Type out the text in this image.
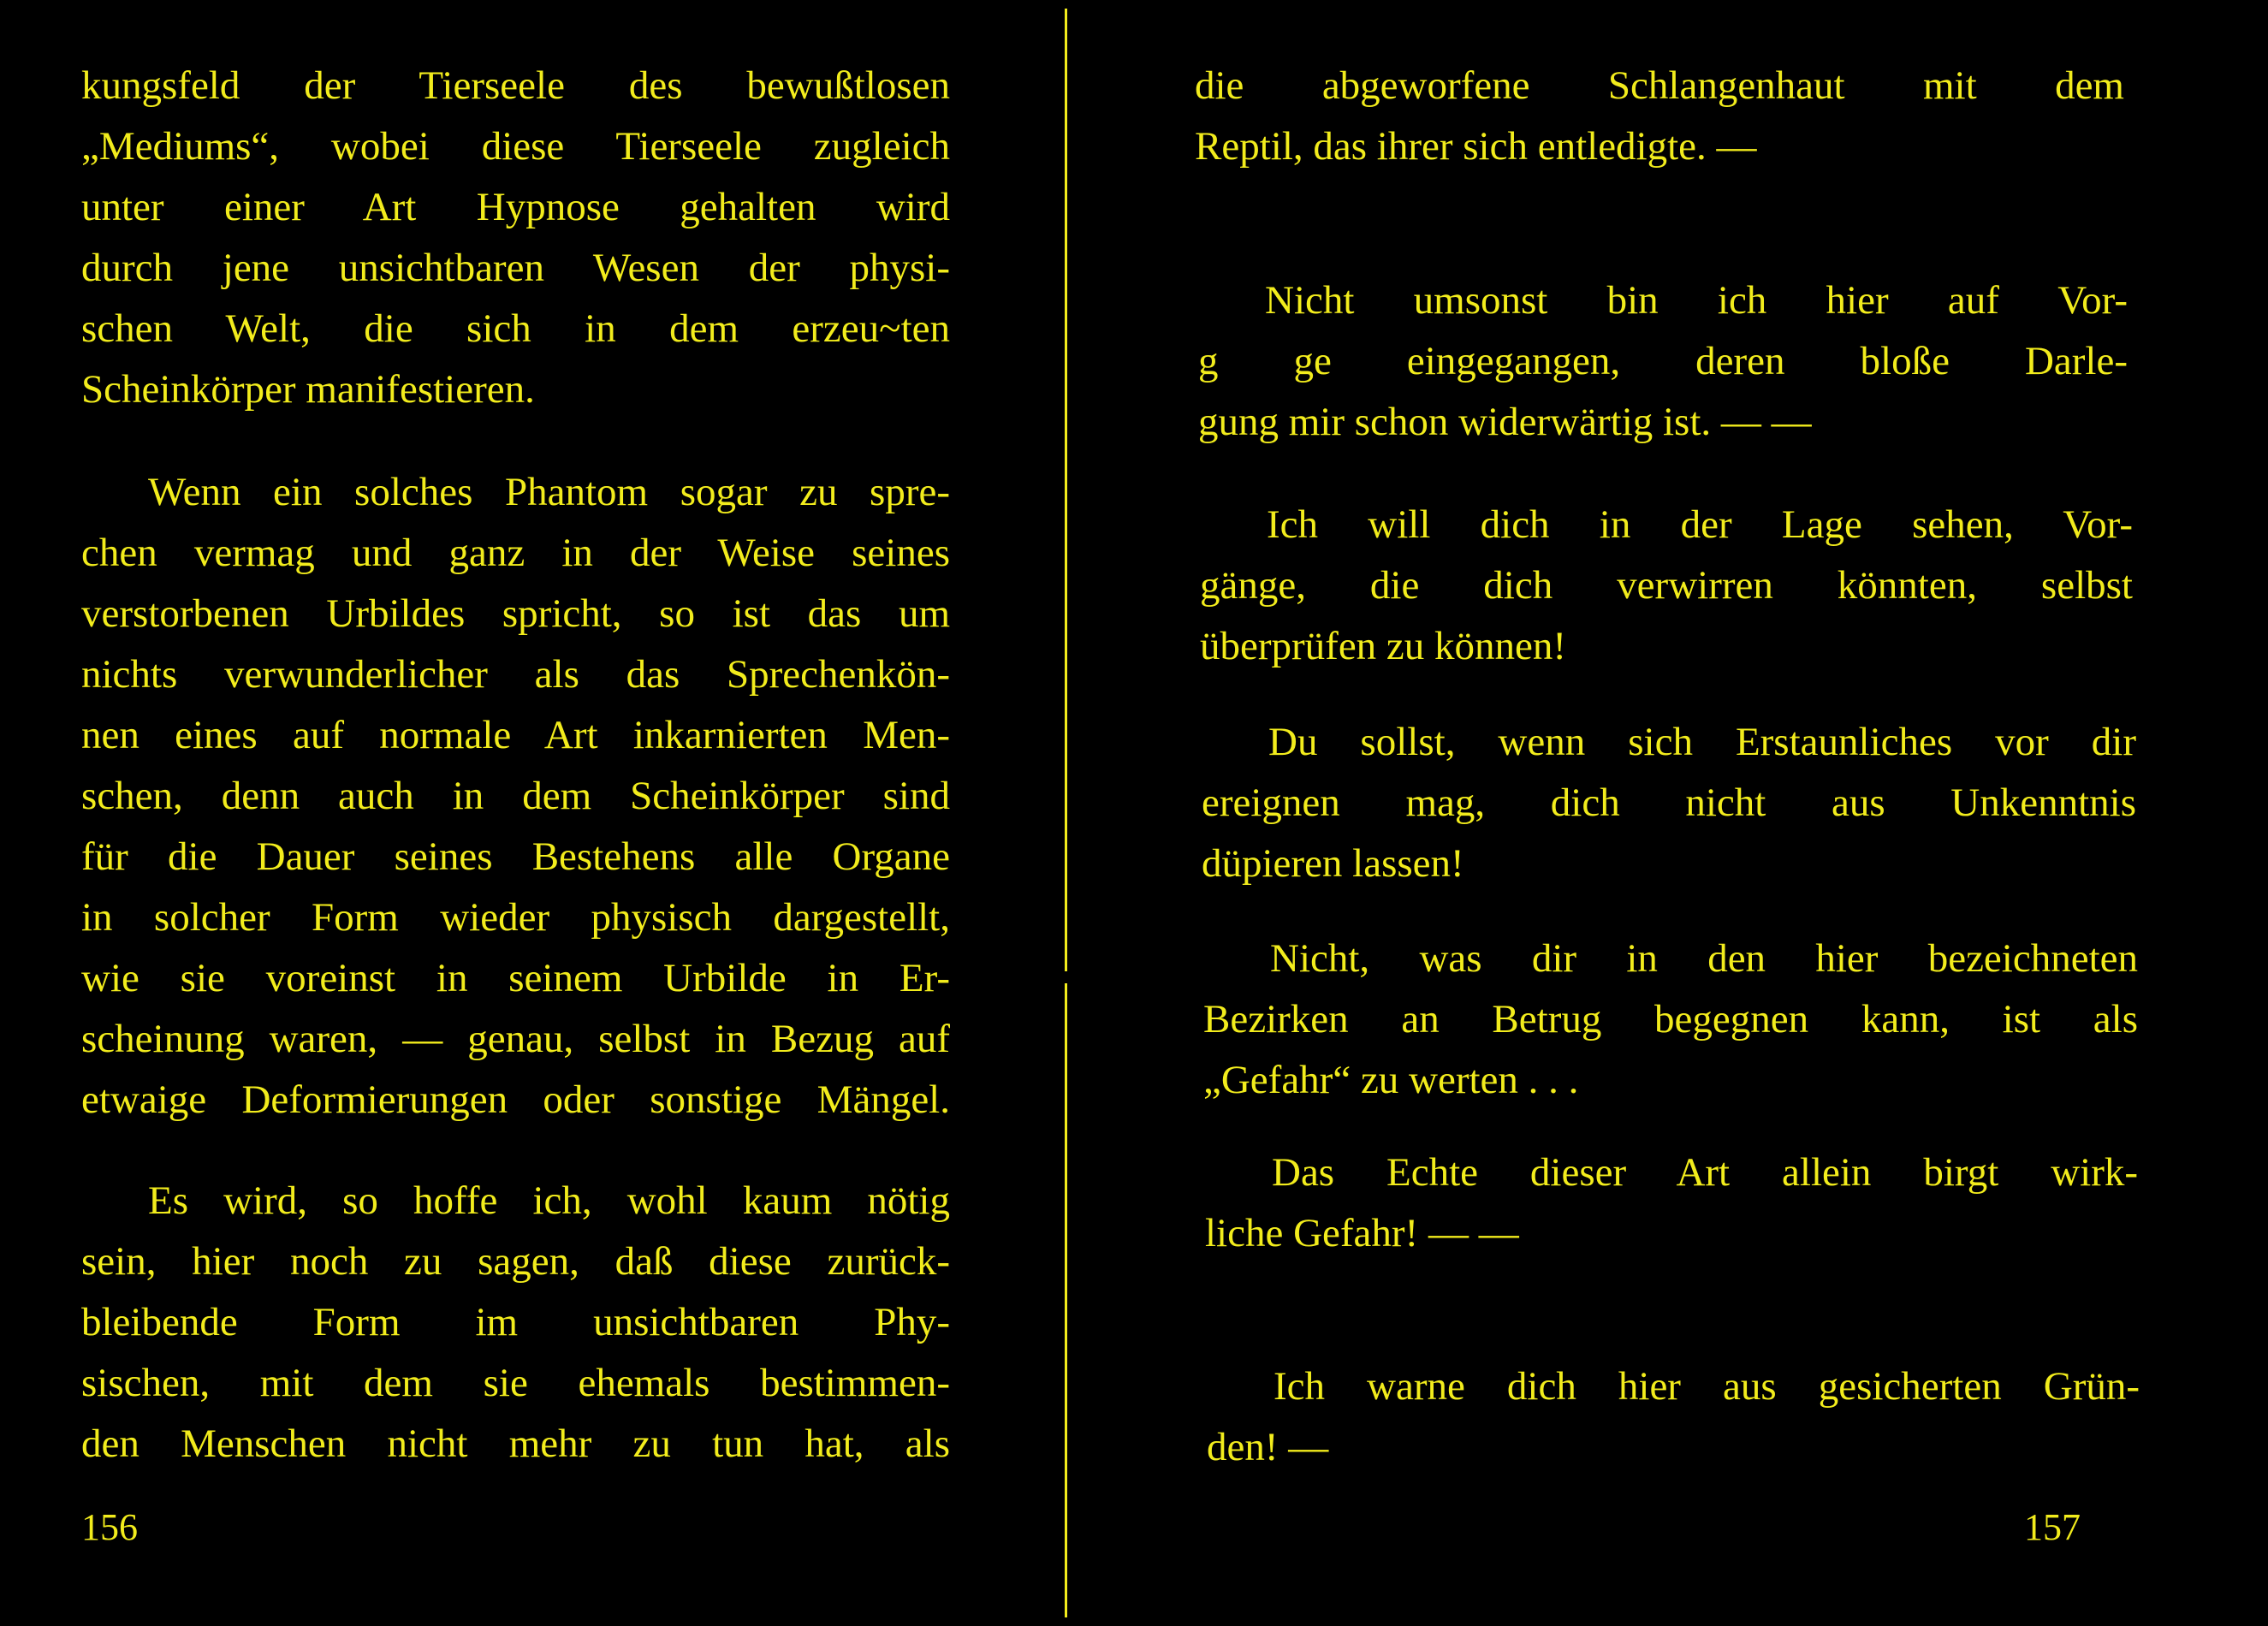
kungsfeld der Tierseele des bewußtlosen
„Mediums“, wobei diese Tierseele zugleich
unter einer Art Hypnose gehalten wird
durch jene unsichtbaren Wesen der physi-
schen Welt, die sich in dem erzeu~ten
Scheinkörper manifestieren.
Wenn ein solches Phantom sogar zu spre-
chen vermag und ganz in der Weise seines
verstorbenen Urbildes spricht, so ist das um
nichts verwunderlicher als das Sprechenkön-
nen eines auf normale Art inkarnierten Men-
schen, denn auch in dem Scheinkörper sind
für die Dauer seines Bestehens alle Organe
in solcher Form wieder physisch dargestellt,
wie sie voreinst in seinem Urbilde in Er-
scheinung waren, — genau, selbst in Bezug auf
etwaige Deformierungen oder sonstige Mängel.
Es wird, so hoffe ich, wohl kaum nötig
sein, hier noch zu sagen, daß diese zurück-
bleibende Form im unsichtbaren Phy-
sischen, mit dem sie ehemals bestimmen-
den Menschen nicht mehr zu tun hat, als
156
die abgeworfene Schlangenhaut mit dem
Reptil, das ihrer sich entledigte. —
Nicht umsonst bin ich hier auf Vor-
g ge eingegangen, deren bloße Darle-
gung mir schon widerwärtig ist. — —
Ich will dich in der Lage sehen, Vor-
gänge, die dich verwirren könnten, selbst
überprüfen zu können!
Du sollst, wenn sich Erstaunliches vor dir
ereignen mag, dich nicht aus Unkenntnis
düpieren lassen!
Nicht, was dir in den hier bezeichneten
Bezirken an Betrug begegnen kann, ist als
„Gefahr“ zu werten . . .
Das Echte dieser Art allein birgt wirk-
liche Gefahr! — —
Ich warne dich hier aus gesicherten Grün-
den! —
157
